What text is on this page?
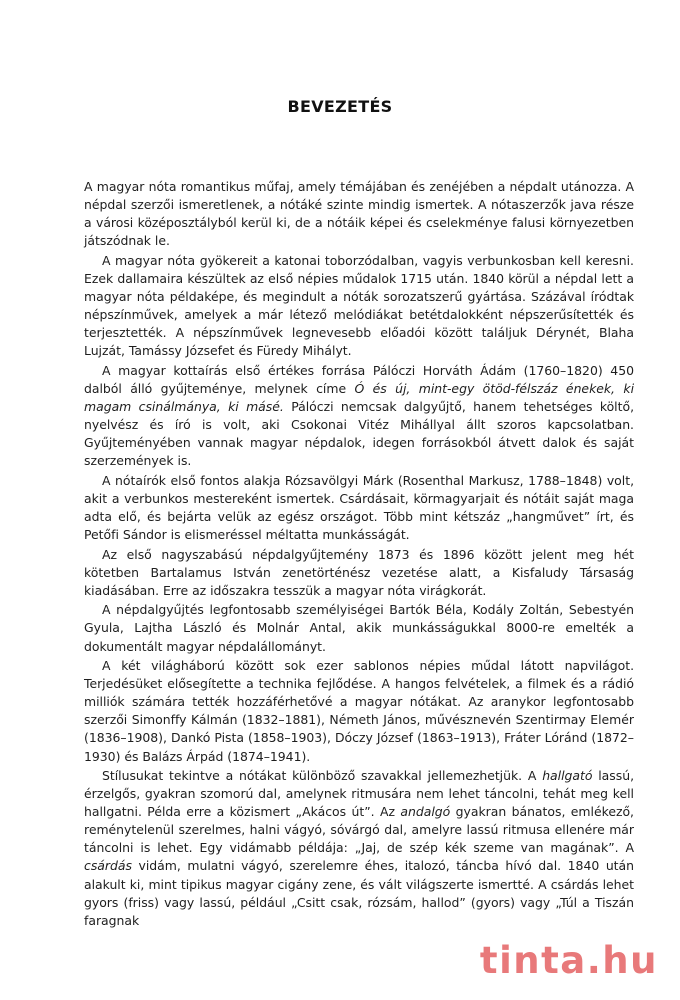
BEVEZETÉS

A magyar nóta romantikus műfaj, amely témájában és zenéjében a népdalt utánozza. A népdal szerzői ismeretlenek, a nótáké szinte mindig ismertek. A nótaszerzők java része a városi középosztályból kerül ki, de a nótáik képei és cselekménye falusi környezetben játszódnak le.

A magyar nóta gyökereit a katonai toborzódalban, vagyis verbunkosban kell keresni. Ezek dallamaira készültek az első népies műdalok 1715 után. 1840 körül a népdal lett a magyar nóta példaképe, és megindult a nóták sorozatszerű gyártása. Százával íródtak népszínművek, amelyek a már létező melódiákat betétdalokként népszerűsítették és terjesztették. A népszínművek legnevesebb előadói között találjuk Dérynét, Blaha Lujzát, Tamássy Józsefet és Füredy Mihályt.

A magyar kottaírás első értékes forrása Pálóczi Horváth Ádám (1760–1820) 450 dalból álló gyűjteménye, melynek címe Ó és új, mint-egy ötöd-félszáz énekek, ki magam csinálmánya, ki másé. Pálóczi nemcsak dalgyűjtő, hanem tehetséges költő, nyelvész és író is volt, aki Csokonai Vitéz Mihállyal állt szoros kapcsolatban. Gyűjteményében vannak magyar népdalok, idegen forrásokból átvett dalok és saját szerzemények is.

A nótaírók első fontos alakja Rózsavölgyi Márk (Rosenthal Markusz, 1788–1848) volt, akit a verbunkos mestereként ismertek. Csárdásait, körmagyarjait és nótáit saját maga adta elő, és bejárta velük az egész országot. Több mint kétszáz „hangművet” írt, és Petőfi Sándor is elismeréssel méltatta munkásságát.

Az első nagyszabású népdalgyűjtemény 1873 és 1896 között jelent meg hét kötetben Bartalamus István zenetörténész vezetése alatt, a Kisfaludy Társaság kiadásában. Erre az időszakra tesszük a magyar nóta virágkorát.

A népdalgyűjtés legfontosabb személyiségei Bartók Béla, Kodály Zoltán, Sebestyén Gyula, Lajtha László és Molnár Antal, akik munkásságukkal 8000-re emelték a dokumentált magyar népdalállományt.

A két világháború között sok ezer sablonos népies műdal látott napvilágot. Terjedésüket elősegítette a technika fejlődése. A hangos felvételek, a filmek és a rádió milliók számára tették hozzáférhetővé a magyar nótákat. Az aranykor legfontosabb szerzői Simonffy Kálmán (1832–1881), Németh János, művésznevén Szentirmay Elemér (1836–1908), Dankó Pista (1858–1903), Dóczy József (1863–1913), Fráter Lóránd (1872–1930) és Balázs Árpád (1874–1941).

Stílusukat tekintve a nótákat különböző szavakkal jellemezhetjük. A hallgató lassú, érzelgős, gyakran szomorú dal, amelynek ritmusára nem lehet táncolni, tehát meg kell hallgatni. Példa erre a közismert „Akácos út”. Az andalgó gyakran bánatos, emlékező, reménytelenül szerelmes, halni vágyó, sóvárgó dal, amelyre lassú ritmusa ellenére már táncolni is lehet. Egy vidámabb példája: „Jaj, de szép kék szeme van magának”. A csárdás vidám, mulatni vágyó, szerelemre éhes, italozó, táncba hívó dal. 1840 után alakult ki, mint tipikus magyar cigány zene, és vált világszerte ismertté. A csárdás lehet gyors (friss) vagy lassú, például „Csitt csak, rózsám, hallod” (gyors) vagy „Túl a Tiszán faragnak

tinta.hu
